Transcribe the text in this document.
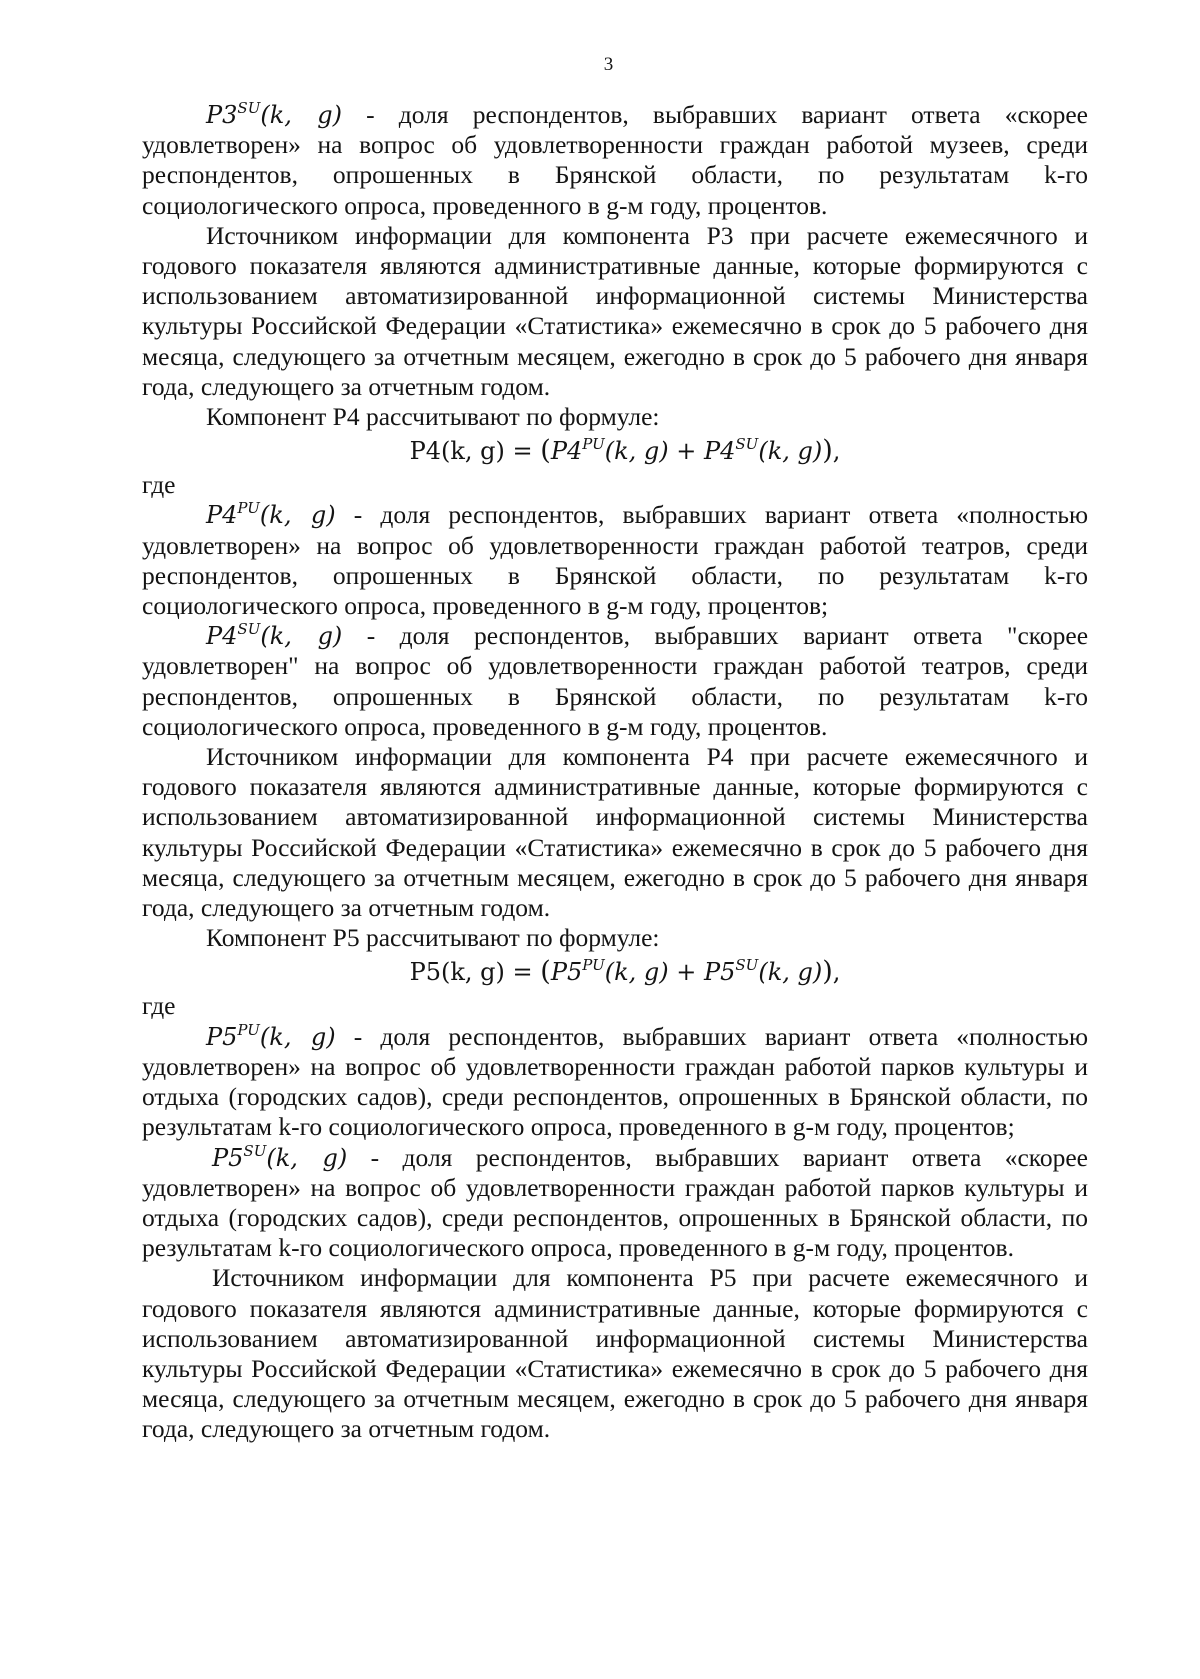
3

$P3^{SU}(k$, g) - доля респондентов, выбравших вариант ответа «скорее удовлетворен» на вопрос об удовлетворенности граждан работой музеев, среди респондентов, опрошенных в Брянской области, по результатам k-го социологического опроса, проведенного в g-м году, процентов.

Источником информации для компонента Р3 при расчете ежемесячного и годового показателя являются административные данные, которые формируются с использованием автоматизированной информационной системы Министерства культуры Российской Федерации «Статистика» ежемесячно в срок до 5 рабочего дня месяца, следующего за отчетным месяцем, ежегодно в срок до 5 рабочего дня января года, следующего за отчетным годом.

Компонент Р4 рассчитывают по формуле:

P4(k, $g) = (P4^{PU}(k$, $g) + P4^{SU}(k$, g)),

где

$P4^{PU}(k$, g) - доля респондентов, выбравших вариант ответа «полностью удовлетворен» на вопрос об удовлетворенности граждан работой театров, среди респондентов, опрошенных в Брянской области, по результатам k-го социологического опроса, проведенного в g-м году, процентов;

$P4^{SU}(k$, g) - доля респондентов, выбравших вариант ответа "скорее удовлетворен" на вопрос об удовлетворенности граждан работой театров, среди респондентов, опрошенных в Брянской области, по результатам k-го социологического опроса, проведенного в g-м году, процентов.

Источником информации для компонента Р4 при расчете ежемесячного и годового показателя являются административные данные, которые формируются с использованием автоматизированной информационной системы Министерства культуры Российской Федерации «Статистика» ежемесячно в срок до 5 рабочего дня месяца, следующего за отчетным месяцем, ежегодно в срок до 5 рабочего дня января года, следующего за отчетным годом.

Компонент Р5 рассчитывают по формуле:

P5(k, $g) = (P5^{PU}(k$, $g) + P5^{SU}(k$, g)),

где

$P5^{PU}(k$, g) - доля респондентов, выбравших вариант ответа «полностью удовлетворен» на вопрос об удовлетворенности граждан работой парков культуры и отдыха (городских садов), среди респондентов, опрошенных в Брянской области, по результатам k-го социологического опроса, проведенного в g-м году, процентов;

$P5^{SU}(k$, g) - доля респондентов, выбравших вариант ответа «скорее удовлетворен» на вопрос об удовлетворенности граждан работой парков культуры и отдыха (городских садов), среди респондентов, опрошенных в Брянской области, по результатам k-го социологического опроса, проведенного в g-м году, процентов.

Источником информации для компонента Р5 при расчете ежемесячного и годового показателя являются административные данные, которые формируются с использованием автоматизированной информационной системы Министерства культуры Российской Федерации «Статистика» ежемесячно в срок до 5 рабочего дня месяца, следующего за отчетным месяцем, ежегодно в срок до 5 рабочего дня января года, следующего за отчетным годом.
